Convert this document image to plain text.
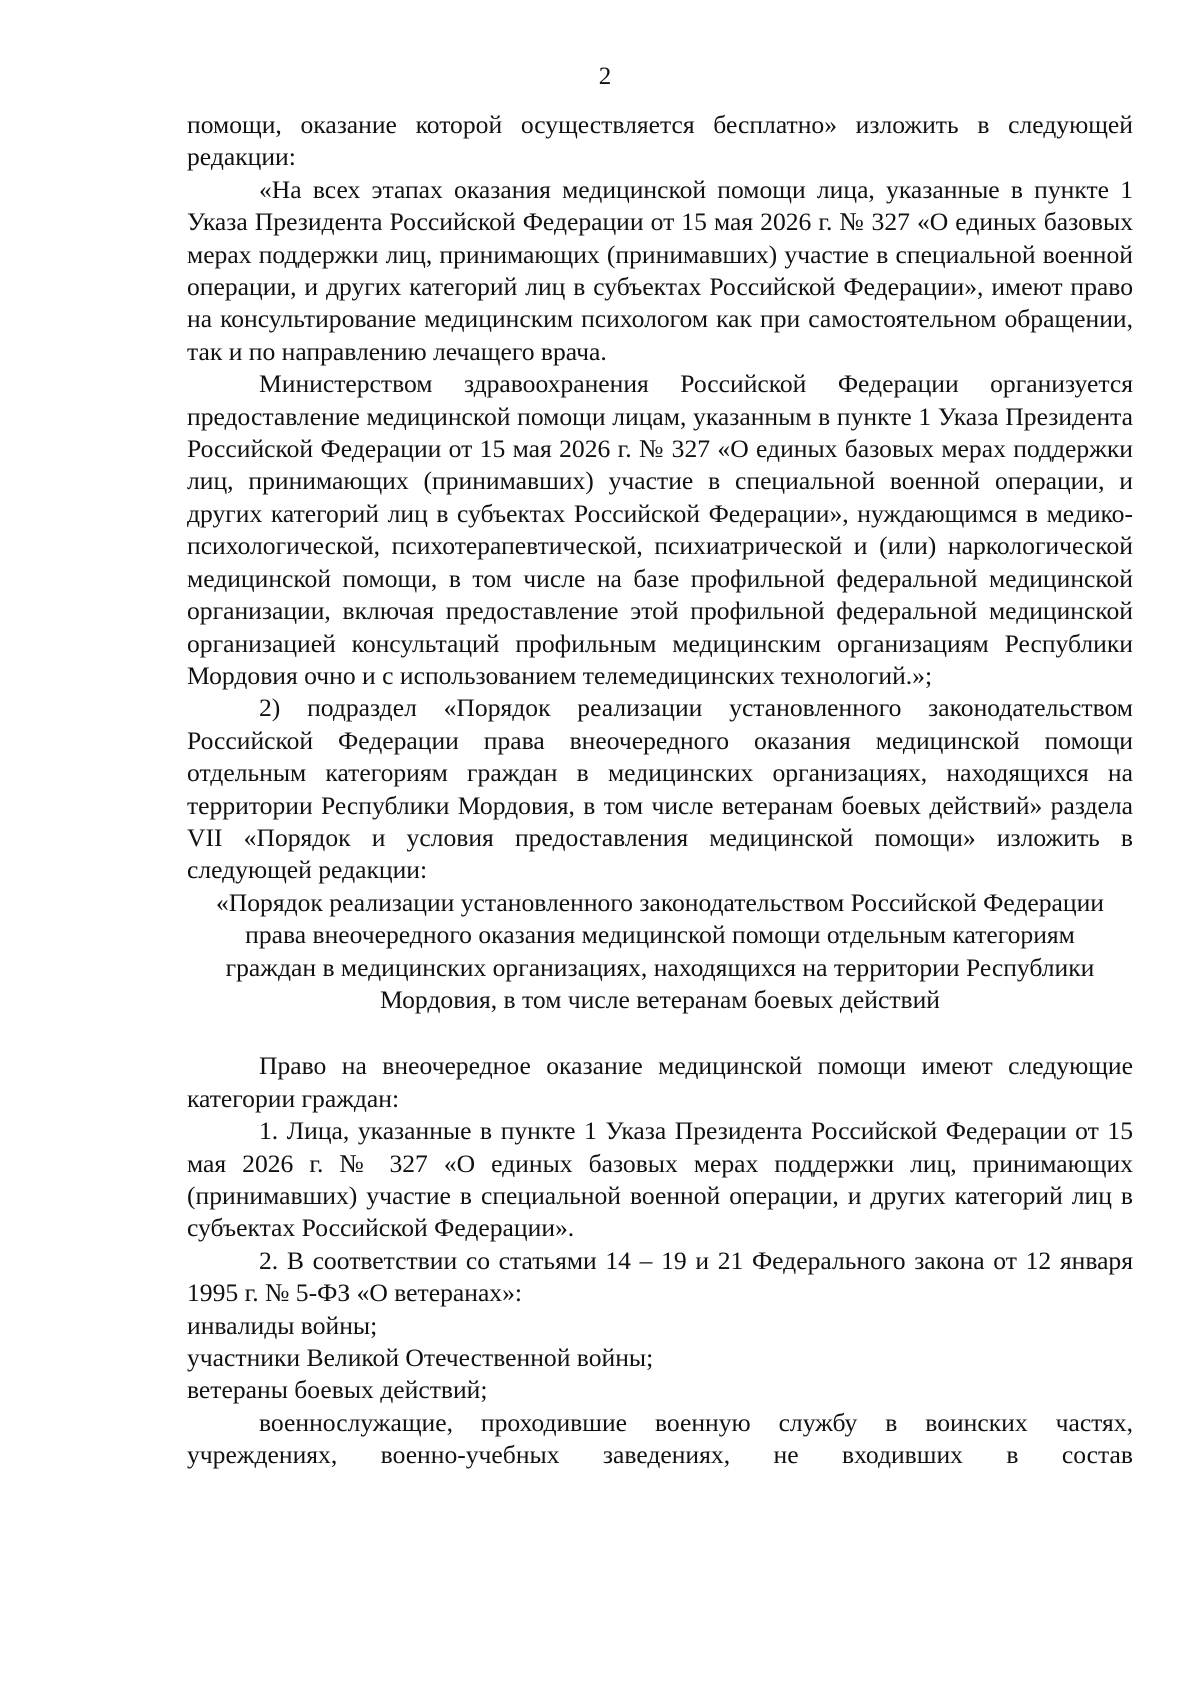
2

помощи, оказание которой осуществляется бесплатно» изложить в следующей редакции:

«На всех этапах оказания медицинской помощи лица, указанные в пункте 1 Указа Президента Российской Федерации от 15 мая 2026 г. № 327 «О единых базовых мерах поддержки лиц, принимающих (принимавших) участие в специальной военной операции, и других категорий лиц в субъектах Российской Федерации», имеют право на консультирование медицинским психологом как при самостоятельном обращении, так и по направлению лечащего врача.

Министерством здравоохранения Российской Федерации организуется предоставление медицинской помощи лицам, указанным в пункте 1 Указа Президента Российской Федерации от 15 мая 2026 г. № 327 «О единых базовых мерах поддержки лиц, принимающих (принимавших) участие в специальной военной операции, и других категорий лиц в субъектах Российской Федерации», нуждающимся в медико-психологической, психотерапевтической, психиатрической и (или) наркологической медицинской помощи, в том числе на базе профильной федеральной медицинской организации, включая предоставление этой профильной федеральной медицинской организацией консультаций профильным медицинским организациям Республики Мордовия очно и с использованием телемедицинских технологий.»;

2) подраздел «Порядок реализации установленного законодательством Российской Федерации права внеочередного оказания медицинской помощи отдельным категориям граждан в медицинских организациях, находящихся на территории Республики Мордовия, в том числе ветеранам боевых действий» раздела VII «Порядок и условия предоставления медицинской помощи» изложить в следующей редакции:

«Порядок реализации установленного законодательством Российской Федерации права внеочередного оказания медицинской помощи отдельным категориям граждан в медицинских организациях, находящихся на территории Республики Мордовия, в том числе ветеранам боевых действий

Право на внеочередное оказание медицинской помощи имеют следующие категории граждан:

1. Лица, указанные в пункте 1 Указа Президента Российской Федерации от 15 мая 2026 г. № 327 «О единых базовых мерах поддержки лиц, принимающих (принимавших) участие в специальной военной операции, и других категорий лиц в субъектах Российской Федерации».

2. В соответствии со статьями 14 – 19 и 21 Федерального закона от 12 января 1995 г. № 5-ФЗ «О ветеранах»:

инвалиды войны;

участники Великой Отечественной войны;

ветераны боевых действий;

военнослужащие, проходившие военную службу в воинских частях, учреждениях, военно-учебных заведениях, не входивших в состав
